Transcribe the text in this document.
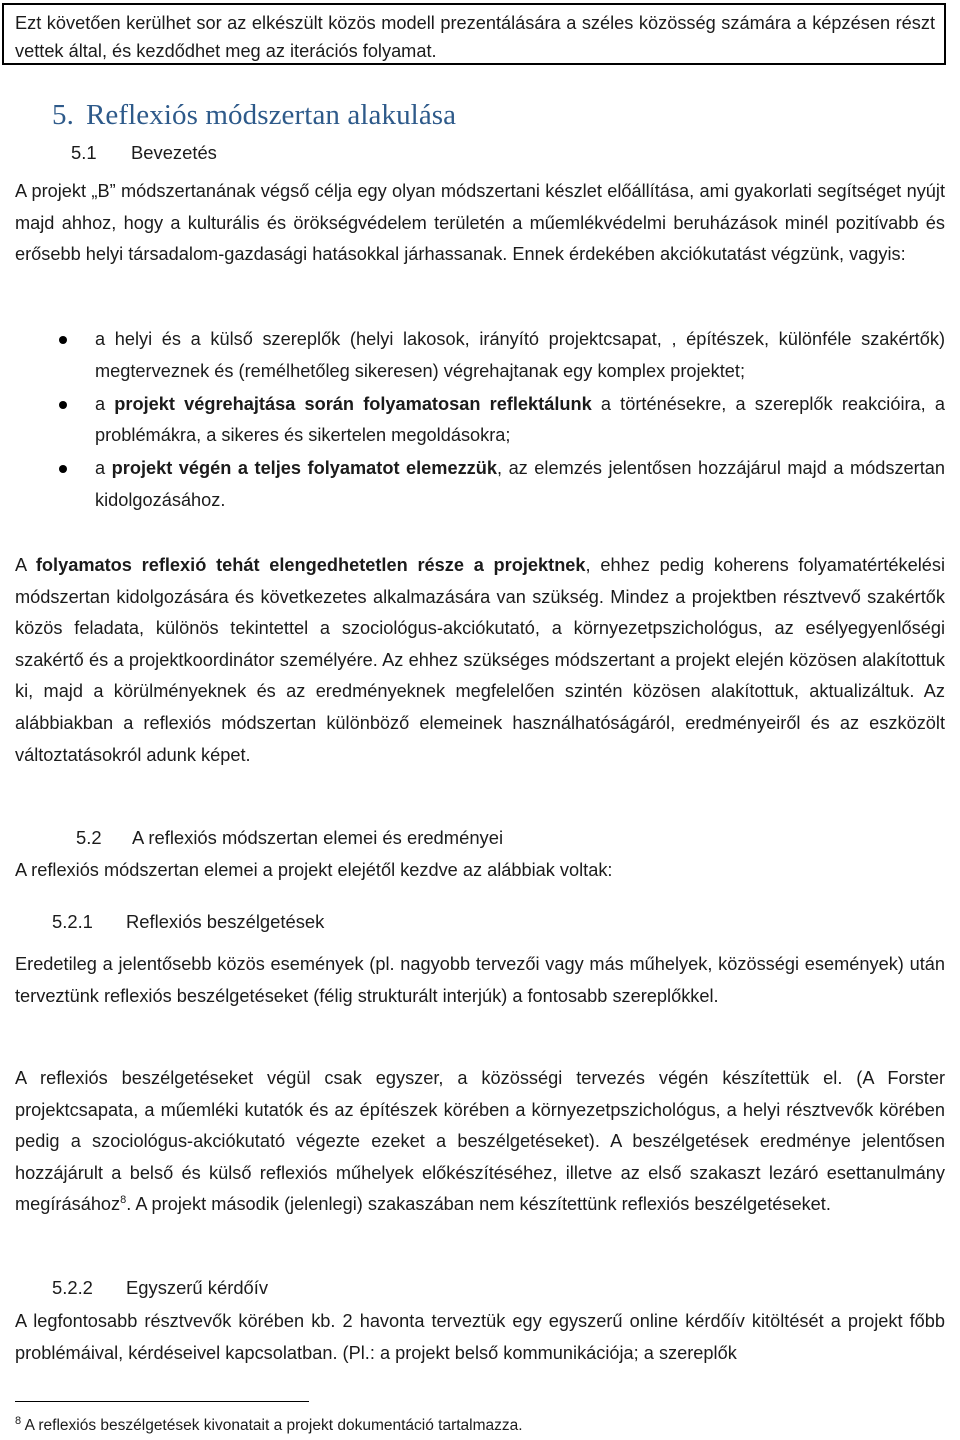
Ezt követően kerülhet sor az elkészült közös modell prezentálására a széles közösség számára a képzésen részt vettek által, és kezdődhet meg az iterációs folyamat.
5. Reflexiós módszertan alakulása
5.1 Bevezetés

A projekt „B” módszertanának végső célja egy olyan módszertani készlet előállítása, ami gyakorlati segítséget nyújt majd ahhoz, hogy a kulturális és örökségvédelem területén a műemlékvédelmi beruházások minél pozitívabb és erősebb helyi társadalom-gazdasági hatásokkal járhassanak. Ennek érdekében akciókutatást végzünk, vagyis:

a helyi és a külső szereplők (helyi lakosok, irányító projektcsapat, , építészek, különféle szakértők) megterveznek és (remélhetőleg sikeresen) végrehajtanak egy komplex projektet;
a projekt végrehajtása során folyamatosan reflektálunk a történésekre, a szereplők reakcióira, a problémákra, a sikeres és sikertelen megoldásokra;
a projekt végén a teljes folyamatot elemezzük, az elemzés jelentősen hozzájárul majd a módszertan kidolgozásához.

A folyamatos reflexió tehát elengedhetetlen része a projektnek, ehhez pedig koherens folyamatértékelési módszertan kidolgozására és következetes alkalmazására van szükség. Mindez a projektben résztvevő szakértők közös feladata, különös tekintettel a szociológus-akciókutató, a környezetpszichológus, az esélyegyenlőségi szakértő és a projektkoordinátor személyére. Az ehhez szükséges módszertant a projekt elején közösen alakítottuk ki, majd a körülményeknek és az eredményeknek megfelelően szintén közösen alakítottuk, aktualizáltuk. Az alábbiakban a reflexiós módszertan különböző elemeinek használhatóságáról, eredményeiről és az eszközölt változtatásokról adunk képet.

5.2 A reflexiós módszertan elemei és eredményei

A reflexiós módszertan elemei a projekt elejétől kezdve az alábbiak voltak:

5.2.1 Reflexiós beszélgetések

Eredetileg a jelentősebb közös események (pl. nagyobb tervezői vagy más műhelyek, közösségi események) után terveztünk reflexiós beszélgetéseket (félig strukturált interjúk) a fontosabb szereplőkkel.

A reflexiós beszélgetéseket végül csak egyszer, a közösségi tervezés végén készítettük el. (A Forster projektcsapata, a műemléki kutatók és az építészek körében a környezetpszichológus, a helyi résztvevők körében pedig a szociológus-akciókutató végezte ezeket a beszélgetéseket). A beszélgetések eredménye jelentősen hozzájárult a belső és külső reflexiós műhelyek előkészítéséhez, illetve az első szakaszt lezáró esettanulmány megírásához$^8$. A projekt második (jelenlegi) szakaszában nem készítettünk reflexiós beszélgetéseket.

5.2.2 Egyszerű kérdőív

A legfontosabb résztvevők körében kb. 2 havonta terveztük egy egyszerű online kérdőív kitöltését a projekt főbb problémáival, kérdéseivel kapcsolatban. (Pl.: a projekt belső kommunikációja; a szereplők

$^8$ A reflexiós beszélgetések kivonatait a projekt dokumentáció tartalmazza.
